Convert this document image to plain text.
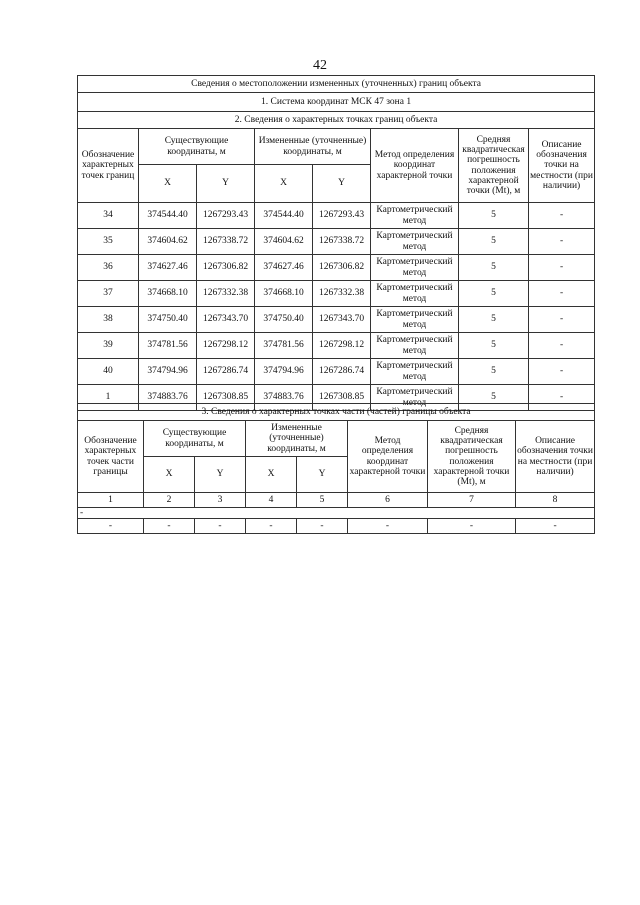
42
Сведения о местоположении измененных (уточненных) границ объекта							
1. Система координат МСК 47 зона 1							
2. Сведения о характерных точках границ объекта							
Обозначение характерных точек границ	Существующие координаты, м		Измененные (уточненные) координаты, м		Метод определения координат характерной точки	Средняя квадратическая погрешность положения характерной точки (Mt), м	Описание обозначения точки на местности (при наличии)
	X	Y	X	Y			
34	374544.40	1267293.43	374544.40	1267293.43	Картометрический метод	5	-
35	374604.62	1267338.72	374604.62	1267338.72	Картометрический метод	5	-
36	374627.46	1267306.82	374627.46	1267306.82	Картометрический метод	5	-
37	374668.10	1267332.38	374668.10	1267332.38	Картометрический метод	5	-
38	374750.40	1267343.70	374750.40	1267343.70	Картометрический метод	5	-
39	374781.56	1267298.12	374781.56	1267298.12	Картометрический метод	5	-
40	374794.96	1267286.74	374794.96	1267286.74	Картометрический метод	5	-
1	374883.76	1267308.85	374883.76	1267308.85	Картометрический метод	5	-
3. Сведения о характерных точках части (частей) границы объекта							
Обозначение характерных точек части границы	Существующие координаты, м		Измененные (уточненные) координаты, м		Метод определения координат характерной точки	Средняя квадратическая погрешность положения характерной точки (Mt), м	Описание обозначения точки на местности (при наличии)
	X	Y	X	Y			
1	2	3	4	5	6	7	8
-							
-	-	-	-	-	-	-	-
